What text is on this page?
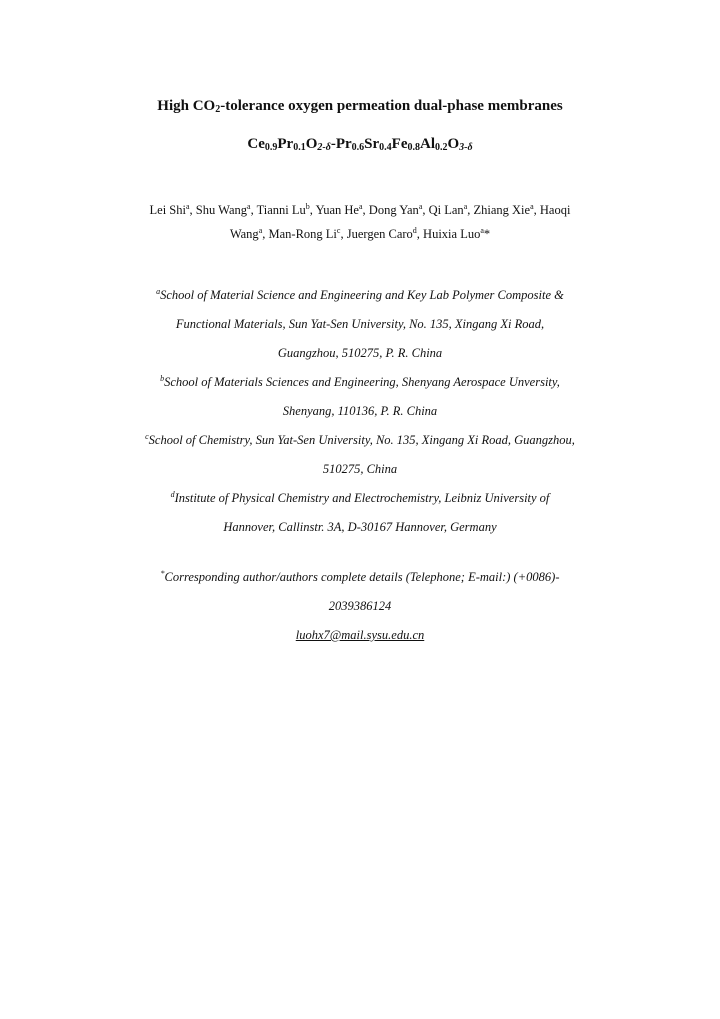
High $CO_2$-tolerance oxygen permeation dual-phase membranes
$Ce_{0.9}Pr_{0.1}O_{2-\delta}-Pr_{0.6}Sr_{0.4}Fe_{0.8}Al_{0.2}O_{3-\delta}$
Lei Shi$^a$, Shu Wang$^a$, Tianni Lu$^b$, Yuan He$^a$, Dong Yan$^a$, Qi Lan$^a$, Zhiang Xie$^a$, Haoqi
Wang$^a$, Man-Rong Li$^c$, Juergen Caro$^d$, Huixia Luo$^a$*
$^a$School of Material Science and Engineering and Key Lab Polymer Composite &
Functional Materials, Sun Yat-Sen University, No. 135, Xingang Xi Road,
Guangzhou, 510275, P. R. China
$^b$School of Materials Sciences and Engineering, Shenyang Aerospace Unversity,
Shenyang, 110136, P. R. China
$^c$School of Chemistry, Sun Yat-Sen University, No. 135, Xingang Xi Road, Guangzhou,
510275, China
$^d$Institute of Physical Chemistry and Electrochemistry, Leibniz University of
Hannover, Callinstr. 3A, D-30167 Hannover, Germany
*Corresponding author/authors complete details (Telephone; E-mail:) (+0086)-
2039386124
luohx7@mail.sysu.edu.cn
